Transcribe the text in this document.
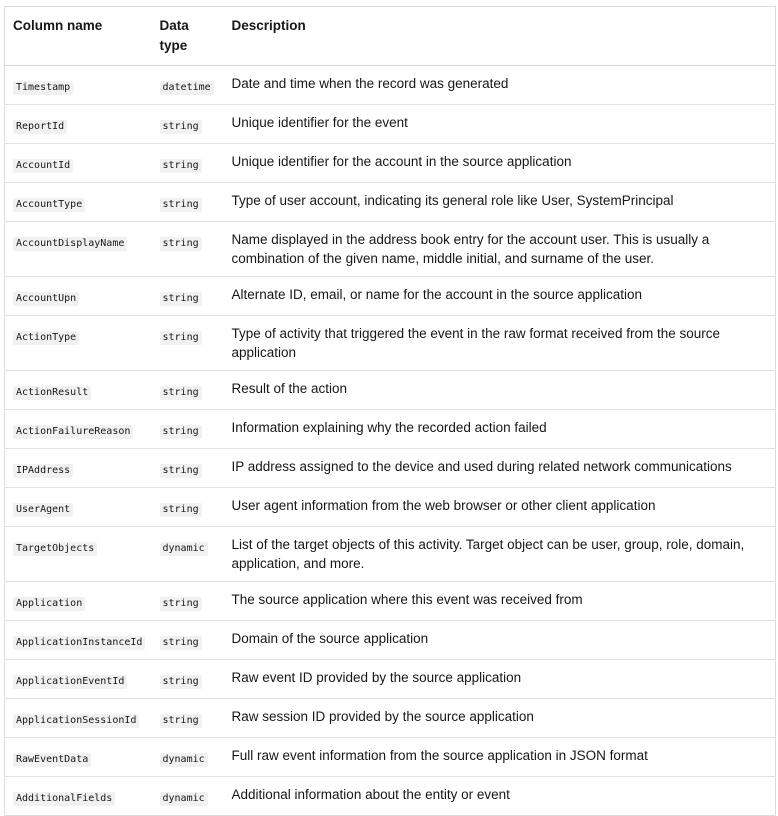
Column name	Data type	Description
Timestamp	datetime	Date and time when the record was generated
ReportId	string	Unique identifier for the event
AccountId	string	Unique identifier for the account in the source application
AccountType	string	Type of user account, indicating its general role like User, SystemPrincipal
AccountDisplayName	string	Name displayed in the address book entry for the account user. This is usually a combination of the given name, middle initial, and surname of the user.
AccountUpn	string	Alternate ID, email, or name for the account in the source application
ActionType	string	Type of activity that triggered the event in the raw format received from the source application
ActionResult	string	Result of the action
ActionFailureReason	string	Information explaining why the recorded action failed
IPAddress	string	IP address assigned to the device and used during related network communications
UserAgent	string	User agent information from the web browser or other client application
TargetObjects	dynamic	List of the target objects of this activity. Target object can be user, group, role, domain, application, and more.
Application	string	The source application where this event was received from
ApplicationInstanceId	string	Domain of the source application
ApplicationEventId	string	Raw event ID provided by the source application
ApplicationSessionId	string	Raw session ID provided by the source application
RawEventData	dynamic	Full raw event information from the source application in JSON format
AdditionalFields	dynamic	Additional information about the entity or event
